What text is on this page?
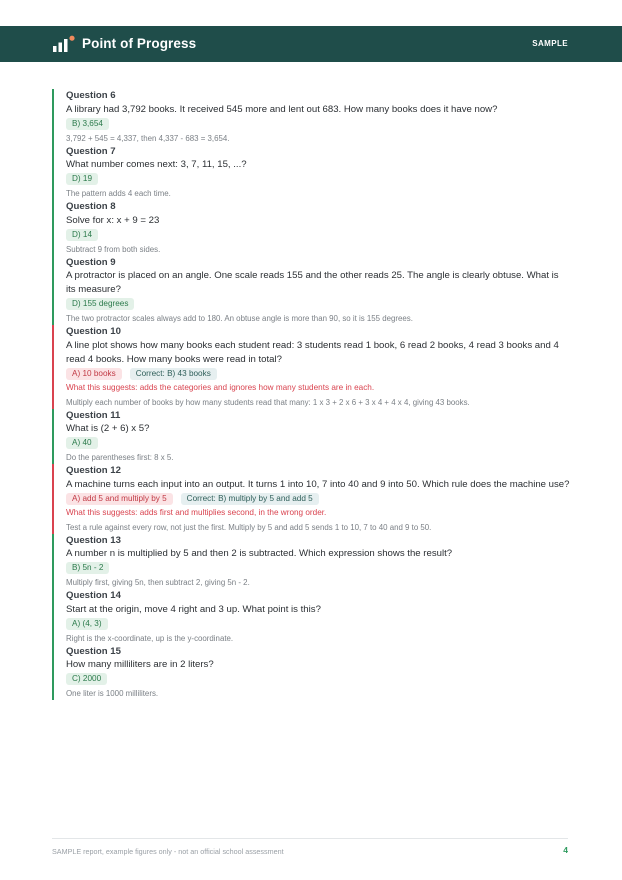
Point of Progress	SAMPLE
Question 6
A library had 3,792 books. It received 545 more and lent out 683. How many books does it have now?
B) 3,654
3,792 + 545 = 4,337, then 4,337 - 683 = 3,654.
Question 7
What number comes next: 3, 7, 11, 15, ...?
D) 19
The pattern adds 4 each time.
Question 8
Solve for x: x + 9 = 23
D) 14
Subtract 9 from both sides.
Question 9
A protractor is placed on an angle. One scale reads 155 and the other reads 25. The angle is clearly obtuse. What is its measure?
D) 155 degrees
The two protractor scales always add to 180. An obtuse angle is more than 90, so it is 155 degrees.
Question 10
A line plot shows how many books each student read: 3 students read 1 book, 6 read 2 books, 4 read 3 books and 4 read 4 books. How many books were read in total?
A) 10 books	Correct: B) 43 books
What this suggests: adds the categories and ignores how many students are in each.
Multiply each number of books by how many students read that many: 1 x 3 + 2 x 6 + 3 x 4 + 4 x 4, giving 43 books.
Question 11
What is (2 + 6) x 5?
A) 40
Do the parentheses first: 8 x 5.
Question 12
A machine turns each input into an output. It turns 1 into 10, 7 into 40 and 9 into 50. Which rule does the machine use?
A) add 5 and multiply by 5	Correct: B) multiply by 5 and add 5
What this suggests: adds first and multiplies second, in the wrong order.
Test a rule against every row, not just the first. Multiply by 5 and add 5 sends 1 to 10, 7 to 40 and 9 to 50.
Question 13
A number n is multiplied by 5 and then 2 is subtracted. Which expression shows the result?
B) 5n - 2
Multiply first, giving 5n, then subtract 2, giving 5n - 2.
Question 14
Start at the origin, move 4 right and 3 up. What point is this?
A) (4, 3)
Right is the x-coordinate, up is the y-coordinate.
Question 15
How many milliliters are in 2 liters?
C) 2000
One liter is 1000 milliliters.
SAMPLE report, example figures only - not an official school assessment	4
